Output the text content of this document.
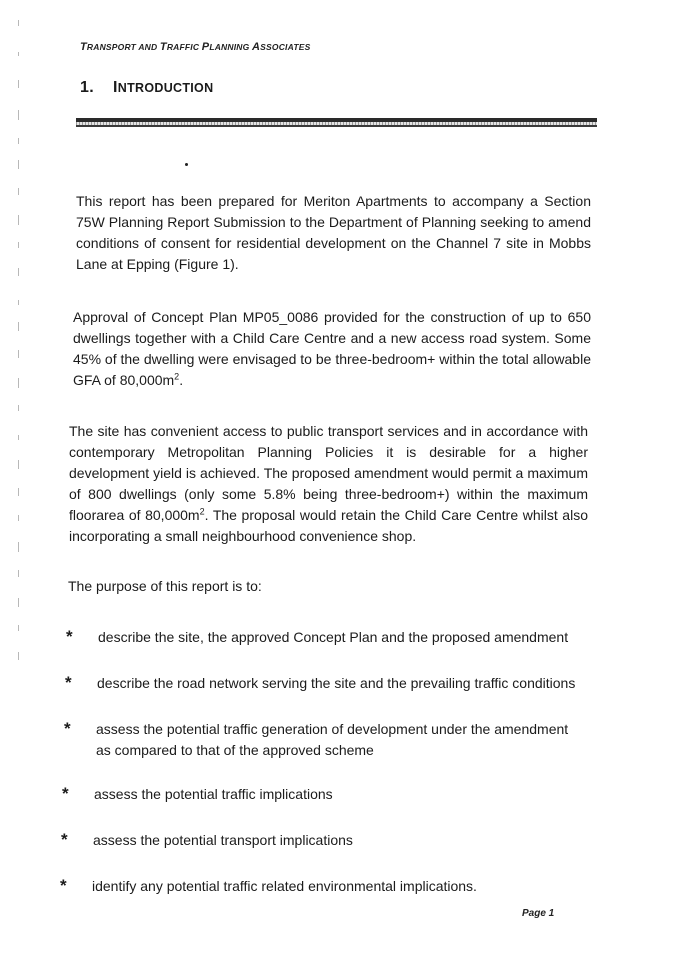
TRANSPORT AND TRAFFIC PLANNING ASSOCIATES
1. INTRODUCTION

This report has been prepared for Meriton Apartments to accompany a Section 75W Planning Report Submission to the Department of Planning seeking to amend conditions of consent for residential development on the Channel 7 site in Mobbs Lane at Epping (Figure 1).

Approval of Concept Plan MP05_0086 provided for the construction of up to 650 dwellings together with a Child Care Centre and a new access road system. Some 45% of the dwelling were envisaged to be three-bedroom+ within the total allowable GFA of $80,000m^2$.

The site has convenient access to public transport services and in accordance with contemporary Metropolitan Planning Policies it is desirable for a higher development yield is achieved. The proposed amendment would permit a maximum of 800 dwellings (only some 5.8% being three-bedroom+) within the maximum floorarea of $80,000m^2$. The proposal would retain the Child Care Centre whilst also incorporating a small neighbourhood convenience shop.

The purpose of this report is to:
* describe the site, the approved Concept Plan and the proposed amendment
* describe the road network serving the site and the prevailing traffic conditions
* assess the potential traffic generation of development under the amendment as compared to that of the approved scheme
* assess the potential traffic implications
* assess the potential transport implications
* identify any potential traffic related environmental implications.
Page 1
